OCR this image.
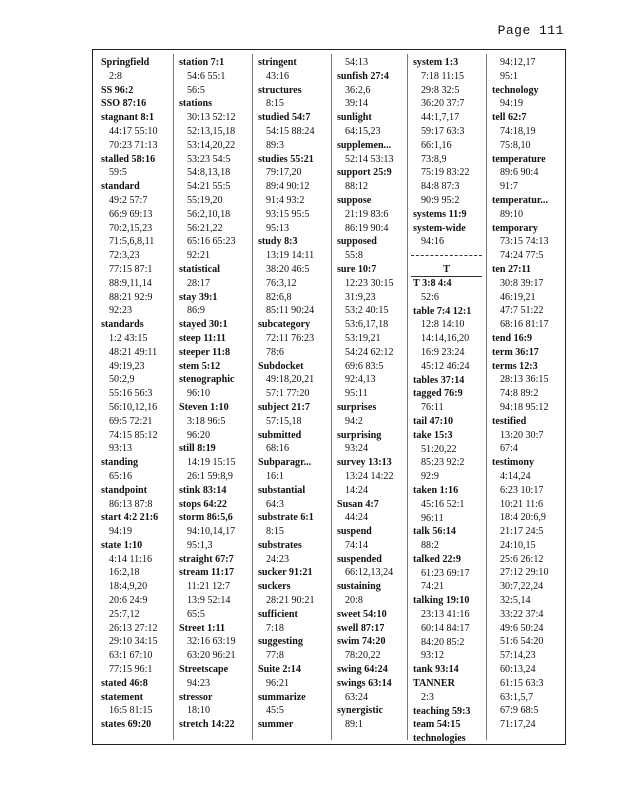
Page 111
Springfield
2:8
SS 96:2
SSO 87:16
stagnant 8:1
44:17 55:10
70:23 71:13
stalled 58:16
59:5
standard
49:2 57:7
66:9 69:13
70:2,15,23
71:5,6,8,11
72:3,23
77:15 87:1
88:9,11,14
88:21 92:9
92:23
standards
1:2 43:15
48:21 49:11
49:19,23
50:2,9
55:16 56:3
56:10,12,16
69:5 72:21
74:15 85:12
93:13
standing
65:16
standpoint
86:13 87:8
start 4:2 21:6
94:19
state 1:10
4:14 11:16
16:2,18
18:4,9,20
20:6 24:9
25:7,12
26:13 27:12
29:10 34:15
63:1 67:10
77:15 96:1
stated 46:8
statement
16:5 81:15
states 69:20
station 7:1
54:6 55:1
56:5
stations
30:13 52:12
52:13,15,18
53:14,20,22
53:23 54:5
54:8,13,18
54:21 55:5
55:19,20
56:2,10,18
56:21,22
65:16 65:23
92:21
statistical
28:17
stay 39:1
86:9
stayed 30:1
steep 11:11
steeper 11:8
stem 5:12
stenographic
96:10
Steven 1:10
3:18 96:5
96:20
still 8:19
14:19 15:15
26:1 59:8,9
stink 83:14
stops 64:22
storm 86:5,6
94:10,14,17
95:1,3
straight 67:7
stream 11:17
11:21 12:7
13:9 52:14
65:5
Street 1:11
32:16 63:19
63:20 96:21
Streetscape
94:23
stressor
18:10
stretch 14:22
stringent
43:16
structures
8:15
studied 54:7
54:15 88:24
89:3
studies 55:21
79:17,20
89:4 90:12
91:4 93:2
93:15 95:5
95:13
study 8:3
13:19 14:11
38:20 46:5
76:3,12
82:6,8
85:11 90:24
subcategory
72:11 76:23
78:6
Subdocket
49:18,20,21
57:1 77:20
subject 21:7
57:15,18
submitted
68:16
Subparagr...
16:1
substantial
64:3
substrate 6:1
8:15
substrates
24:23
sucker 91:21
suckers
28:21 90:21
sufficient
7:18
suggesting
77:8
Suite 2:14
96:21
summarize
45:5
summer
54:13
sunfish 27:4
36:2,6
39:14
sunlight
64:15,23
supplemen...
52:14 53:13
support 25:9
88:12
suppose
21:19 83:6
86:19 90:4
supposed
55:8
sure 10:7
12:23 30:15
31:9,23
53:2 40:15
53:6,17,18
53:19,21
54:24 62:12
69:6 83:5
92:4,13
95:11
surprises
94:2
surprising
93:24
survey 13:13
13:24 14:22
14:24
Susan 4:7
44:24
suspend
74:14
suspended
66:12,13,24
sustaining
20:8
sweet 54:10
swell 87:17
swim 74:20
78:20,22
swing 64:24
swings 63:14
63:24
synergistic
89:1
system 1:3
7:18 11:15
29:8 32:5
36:20 37:7
44:1,7,17
59:17 63:3
66:1,16
73:8,9
75:19 83:22
84:8 87:3
90:9 95:2
systems 11:9
system-wide
94:16
T
T 3:8 4:4
52:6
table 7:4 12:1
12:8 14:10
14:14,16,20
16:9 23:24
45:12 46:24
tables 37:14
tagged 76:9
76:11
tail 47:10
take 15:3
51:20,22
85:23 92:2
92:9
taken 1:16
45:16 52:1
96:11
talk 56:14
88:2
talked 22:9
61:23 69:17
74:21
talking 19:10
23:13 41:16
60:14 84:17
84:20 85:2
93:12
tank 93:14
TANNER
2:3
teaching 59:3
team 54:15
technologies
94:12,17
95:1
technology
94:19
tell 62:7
74:18,19
75:8,10
temperature
89:6 90:4
91:7
temperatur...
89:10
temporary
73:15 74:13
74:24 77:5
ten 27:11
30:8 39:17
46:19,21
47:7 51:22
68:16 81:17
tend 16:9
term 36:17
terms 12:3
28:13 36:15
74:8 89:2
94:18 95:12
testified
13:20 30:7
67:4
testimony
4:14,24
6:23 10:17
10:21 11:6
18:4 20:6,9
21:17 24:5
24:10,15
25:6 26:12
27:12 29:10
30:7,22,24
32:5,14
33:22 37:4
49:6 50:24
51:6 54:20
57:14,23
60:13,24
61:15 63:3
63:1,5,7
67:9 68:5
71:17,24
